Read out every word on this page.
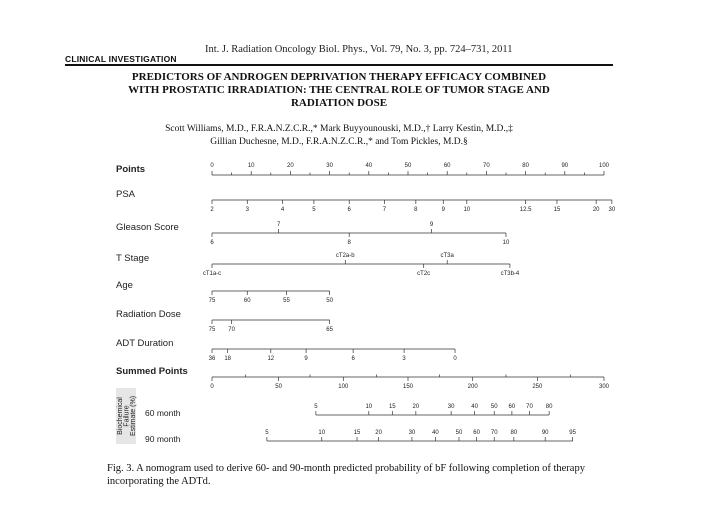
Int. J. Radiation Oncology Biol. Phys., Vol. 79, No. 3, pp. 724–731, 2011
CLINICAL INVESTIGATION
PREDICTORS OF ANDROGEN DEPRIVATION THERAPY EFFICACY COMBINED
WITH PROSTATIC IRRADIATION: THE CENTRAL ROLE OF TUMOR STAGE AND
RADIATION DOSE
Scott Williams, M.D., F.R.A.N.Z.C.R.,* Mark Buyyounouski, M.D.,† Larry Kestin, M.D.,‡
Gillian Duchesne, M.D., F.R.A.N.Z.C.R.,* and Tom Pickles, M.D.§
Points	0	10	20	30	40	50	60	70	80	90	100
PSA
2	3	4	5	6	7	8	9	10	12.5	15	20 30
Gleason Score
6
7
8
9
10
T Stage
cT1a-c
cT2a-b
cT2c
cT3a
cT3b-4
Age
75	60	55	50
Radiation Dose
75 70	65
ADT Duration
36 18	12	9	6	3	0
Summed Points
0	50	100	150	200	250	300
60 month
5	10	15	20	30	40 50 60 70 80
90 month
5	10	15 20	30	40	50 60 70 80	90	95
Biochemical Failure Estimate (%)
Fig. 3. A nomogram used to derive 60- and 90-month predicted probability of bF following completion of therapy incorporating the ADTd.
